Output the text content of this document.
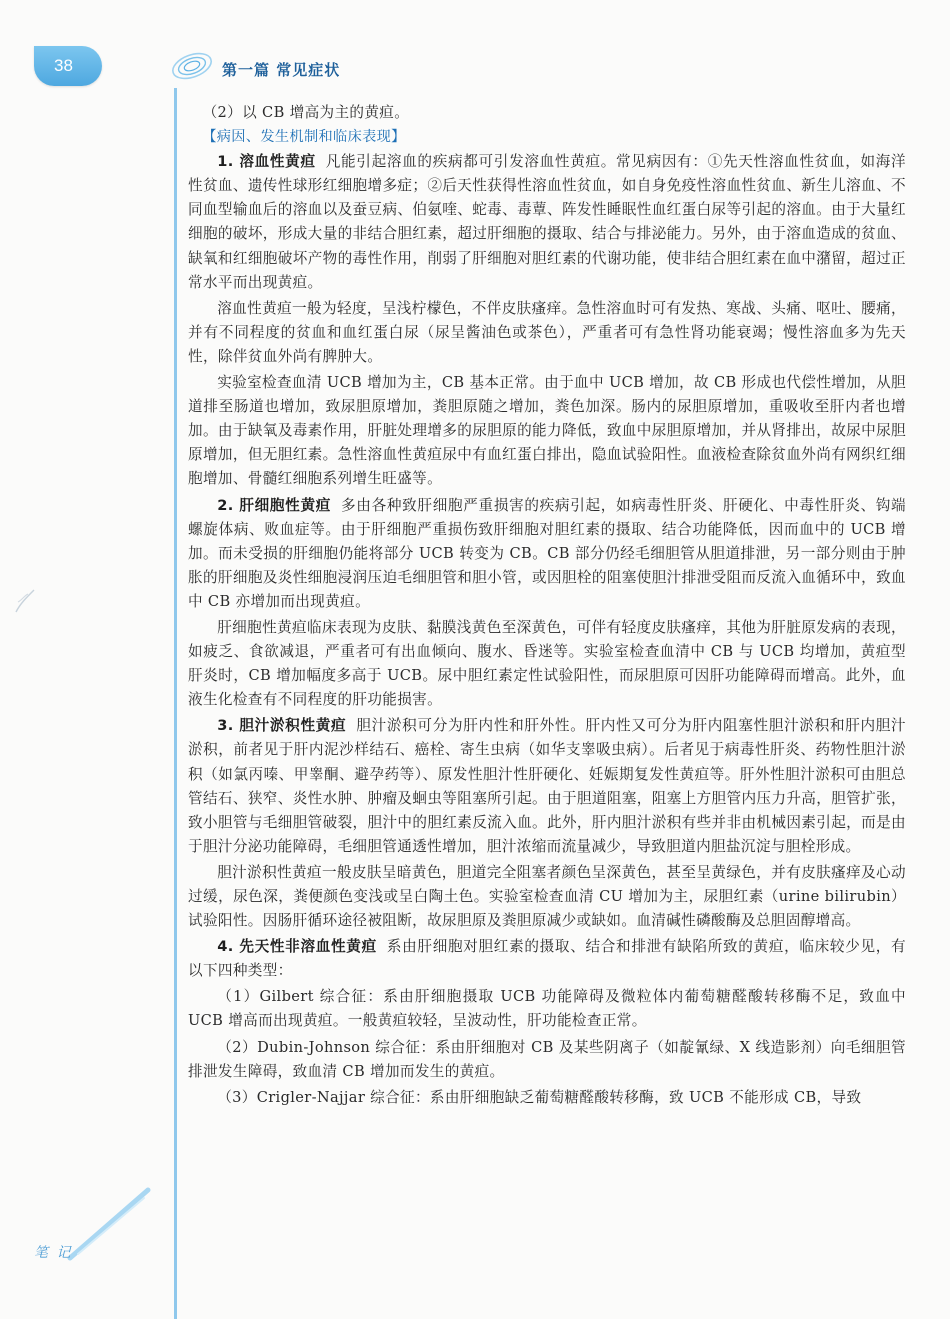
38	第一篇 常见症状
笔 记

（2）以 CB 增高为主的黄疸。

【病因、发生机制和临床表现】

1. 溶血性黄疸 凡能引起溶血的疾病都可引发溶血性黄疸。常见病因有：①先天性溶血性贫血，如海洋性贫血、遗传性球形红细胞增多症；②后天性获得性溶血性贫血，如自身免疫性溶血性贫血、新生儿溶血、不同血型输血后的溶血以及蚕豆病、伯氨喹、蛇毒、毒蕈、阵发性睡眠性血红蛋白尿等引起的溶血。由于大量红细胞的破坏，形成大量的非结合胆红素，超过肝细胞的摄取、结合与排泌能力。另外，由于溶血造成的贫血、缺氧和红细胞破坏产物的毒性作用，削弱了肝细胞对胆红素的代谢功能，使非结合胆红素在血中潴留，超过正常水平而出现黄疸。

溶血性黄疸一般为轻度，呈浅柠檬色，不伴皮肤瘙痒。急性溶血时可有发热、寒战、头痛、呕吐、腰痛，并有不同程度的贫血和血红蛋白尿（尿呈酱油色或茶色），严重者可有急性肾功能衰竭；慢性溶血多为先天性，除伴贫血外尚有脾肿大。

实验室检查血清 UCB 增加为主，CB 基本正常。由于血中 UCB 增加，故 CB 形成也代偿性增加，从胆道排至肠道也增加，致尿胆原增加，粪胆原随之增加，粪色加深。肠内的尿胆原增加，重吸收至肝内者也增加。由于缺氧及毒素作用，肝脏处理增多的尿胆原的能力降低，致血中尿胆原增加，并从肾排出，故尿中尿胆原增加，但无胆红素。急性溶血性黄疸尿中有血红蛋白排出，隐血试验阳性。血液检查除贫血外尚有网织红细胞增加、骨髓红细胞系列增生旺盛等。

2. 肝细胞性黄疸 多由各种致肝细胞严重损害的疾病引起，如病毒性肝炎、肝硬化、中毒性肝炎、钩端螺旋体病、败血症等。由于肝细胞严重损伤致肝细胞对胆红素的摄取、结合功能降低，因而血中的 UCB 增加。而未受损的肝细胞仍能将部分 UCB 转变为 CB。CB 部分仍经毛细胆管从胆道排泄，另一部分则由于肿胀的肝细胞及炎性细胞浸润压迫毛细胆管和胆小管，或因胆栓的阻塞使胆汁排泄受阻而反流入血循环中，致血中 CB 亦增加而出现黄疸。

肝细胞性黄疸临床表现为皮肤、黏膜浅黄色至深黄色，可伴有轻度皮肤瘙痒，其他为肝脏原发病的表现，如疲乏、食欲减退，严重者可有出血倾向、腹水、昏迷等。实验室检查血清中 CB 与 UCB 均增加，黄疸型肝炎时，CB 增加幅度多高于 UCB。尿中胆红素定性试验阳性，而尿胆原可因肝功能障碍而增高。此外，血液生化检查有不同程度的肝功能损害。

3. 胆汁淤积性黄疸 胆汁淤积可分为肝内性和肝外性。肝内性又可分为肝内阻塞性胆汁淤积和肝内胆汁淤积，前者见于肝内泥沙样结石、癌栓、寄生虫病（如华支睾吸虫病）。后者见于病毒性肝炎、药物性胆汁淤积（如氯丙嗪、甲睾酮、避孕药等）、原发性胆汁性肝硬化、妊娠期复发性黄疸等。肝外性胆汁淤积可由胆总管结石、狭窄、炎性水肿、肿瘤及蛔虫等阻塞所引起。由于胆道阻塞，阻塞上方胆管内压力升高，胆管扩张，致小胆管与毛细胆管破裂，胆汁中的胆红素反流入血。此外，肝内胆汁淤积有些并非由机械因素引起，而是由于胆汁分泌功能障碍，毛细胆管通透性增加，胆汁浓缩而流量减少，导致胆道内胆盐沉淀与胆栓形成。

胆汁淤积性黄疸一般皮肤呈暗黄色，胆道完全阻塞者颜色呈深黄色，甚至呈黄绿色，并有皮肤瘙痒及心动过缓，尿色深，粪便颜色变浅或呈白陶土色。实验室检查血清 CU 增加为主，尿胆红素（urine bilirubin）试验阳性。因肠肝循环途径被阻断，故尿胆原及粪胆原减少或缺如。血清碱性磷酸酶及总胆固醇增高。

4. 先天性非溶血性黄疸 系由肝细胞对胆红素的摄取、结合和排泄有缺陷所致的黄疸，临床较少见，有以下四种类型：

（1）Gilbert 综合征：系由肝细胞摄取 UCB 功能障碍及微粒体内葡萄糖醛酸转移酶不足，致血中 UCB 增高而出现黄疸。一般黄疸较轻，呈波动性，肝功能检查正常。

（2）Dubin-Johnson 综合征：系由肝细胞对 CB 及某些阴离子（如靛氰绿、X 线造影剂）向毛细胆管排泄发生障碍，致血清 CB 增加而发生的黄疸。

（3）Crigler-Najjar 综合征：系由肝细胞缺乏葡萄糖醛酸转移酶，致 UCB 不能形成 CB，导致
